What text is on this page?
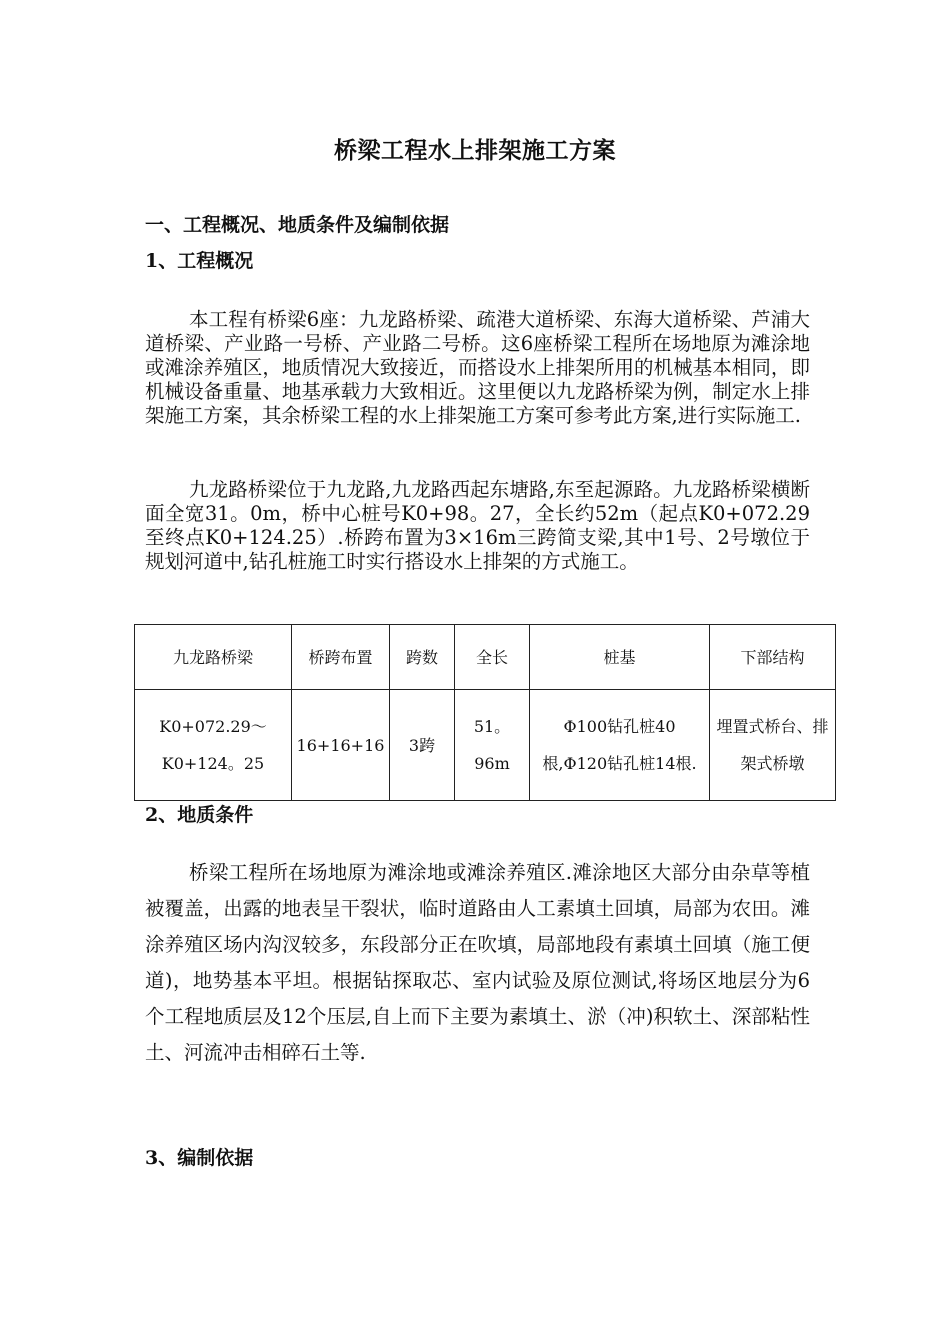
桥梁工程水上排架施工方案
一、工程概况、地质条件及编制依据
1、工程概况
本工程有桥梁6座：九龙路桥梁、疏港大道桥梁、东海大道桥梁、芦浦大道桥梁、产业路一号桥、产业路二号桥。这6座桥梁工程所在场地原为滩涂地或滩涂养殖区，地质情况大致接近，而搭设水上排架所用的机械基本相同，即机械设备重量、地基承载力大致相近。这里便以九龙路桥梁为例，制定水上排架施工方案，其余桥梁工程的水上排架施工方案可参考此方案,进行实际施工.
九龙路桥梁位于九龙路,九龙路西起东塘路,东至起源路。九龙路桥梁横断面全宽31。0m，桥中心桩号K0+98。27，全长约52m（起点K0+072.29至终点K0+124.25）.桥跨布置为3×16m三跨简支梁,其中1号、2号墩位于规划河道中,钻孔桩施工时实行搭设水上排架的方式施工。
九龙路桥梁	桥跨布置	跨数	全长	桩基	下部结构
K0+072.29～K0+124。25	16+16+16	3跨	51。96m	Φ100钻孔桩40根,Φ120钻孔桩14根.	埋置式桥台、排架式桥墩
2、地质条件
桥梁工程所在场地原为滩涂地或滩涂养殖区.滩涂地区大部分由杂草等植被覆盖，出露的地表呈干裂状，临时道路由人工素填土回填，局部为农田。滩涂养殖区场内沟汊较多，东段部分正在吹填，局部地段有素填土回填（施工便道)，地势基本平坦。根据钻探取芯、室内试验及原位测试,将场区地层分为6个工程地质层及12个压层,自上而下主要为素填土、淤（冲)积软土、深部粘性土、河流冲击相碎石土等.
3、编制依据
